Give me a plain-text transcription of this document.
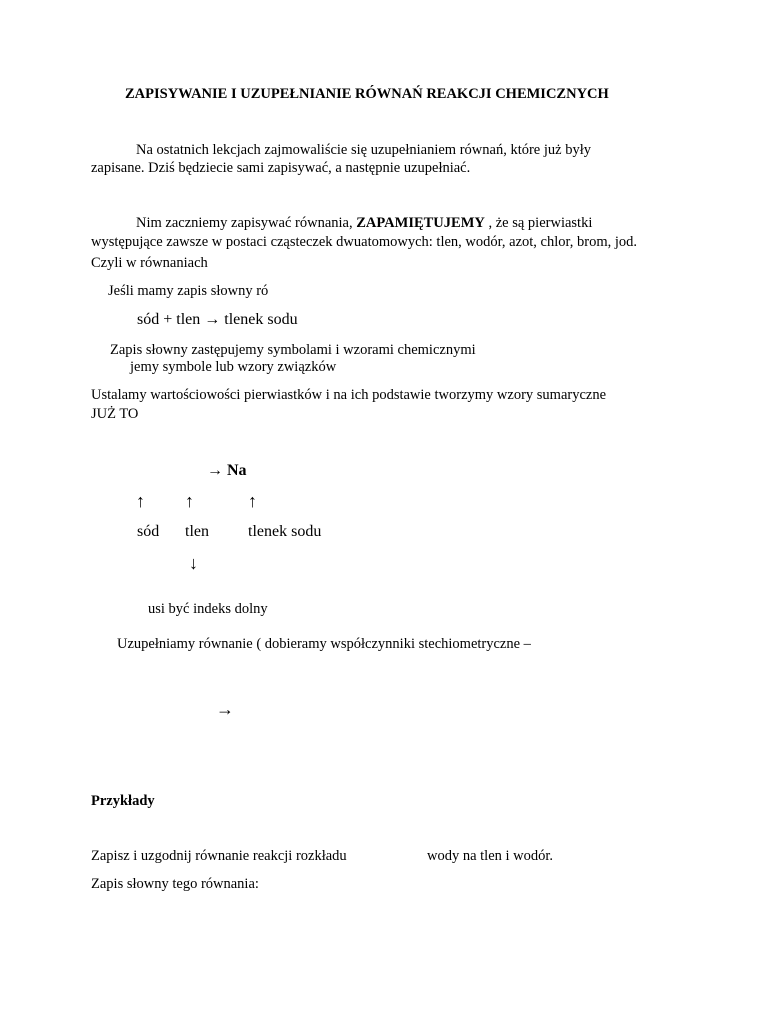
ZAPISYWANIE I UZUPEŁNIANIE RÓWNAŃ REAKCJI CHEMICZNYCH
Na ostatnich lekcjach zajmowaliście się uzupełnianiem równań, które już były
zapisane. Dziś będziecie sami zapisywać, a następnie uzupełniać.
Nim zaczniemy zapisywać równania, ZAPAMIĘTUJEMY , że są pierwiastki
występujące zawsze w postaci cząsteczek dwuatomowych: tlen, wodór, azot, chlor, brom, jod.
Czyli w równaniach
Jeśli mamy zapis słowny ró
sód + tlen → tlenek sodu
Zapis słowny zastępujemy symbolami i wzorami chemicznymi
jemy symbole lub wzory związków
Ustalamy wartościowości pierwiastków i na ich podstawie tworzymy wzory sumaryczne
JUŻ TO
→ Na
↑ ↑	↑
sód tlen tlenek sodu
↓
usi być indeks dolny
Uzupełniamy równanie ( dobieramy współczynniki stechiometryczne –
→
Przykłady
Zapisz i uzgodnij równanie reakcji rozkładu	wody na tlen i wodór.
Zapis słowny tego równania:
